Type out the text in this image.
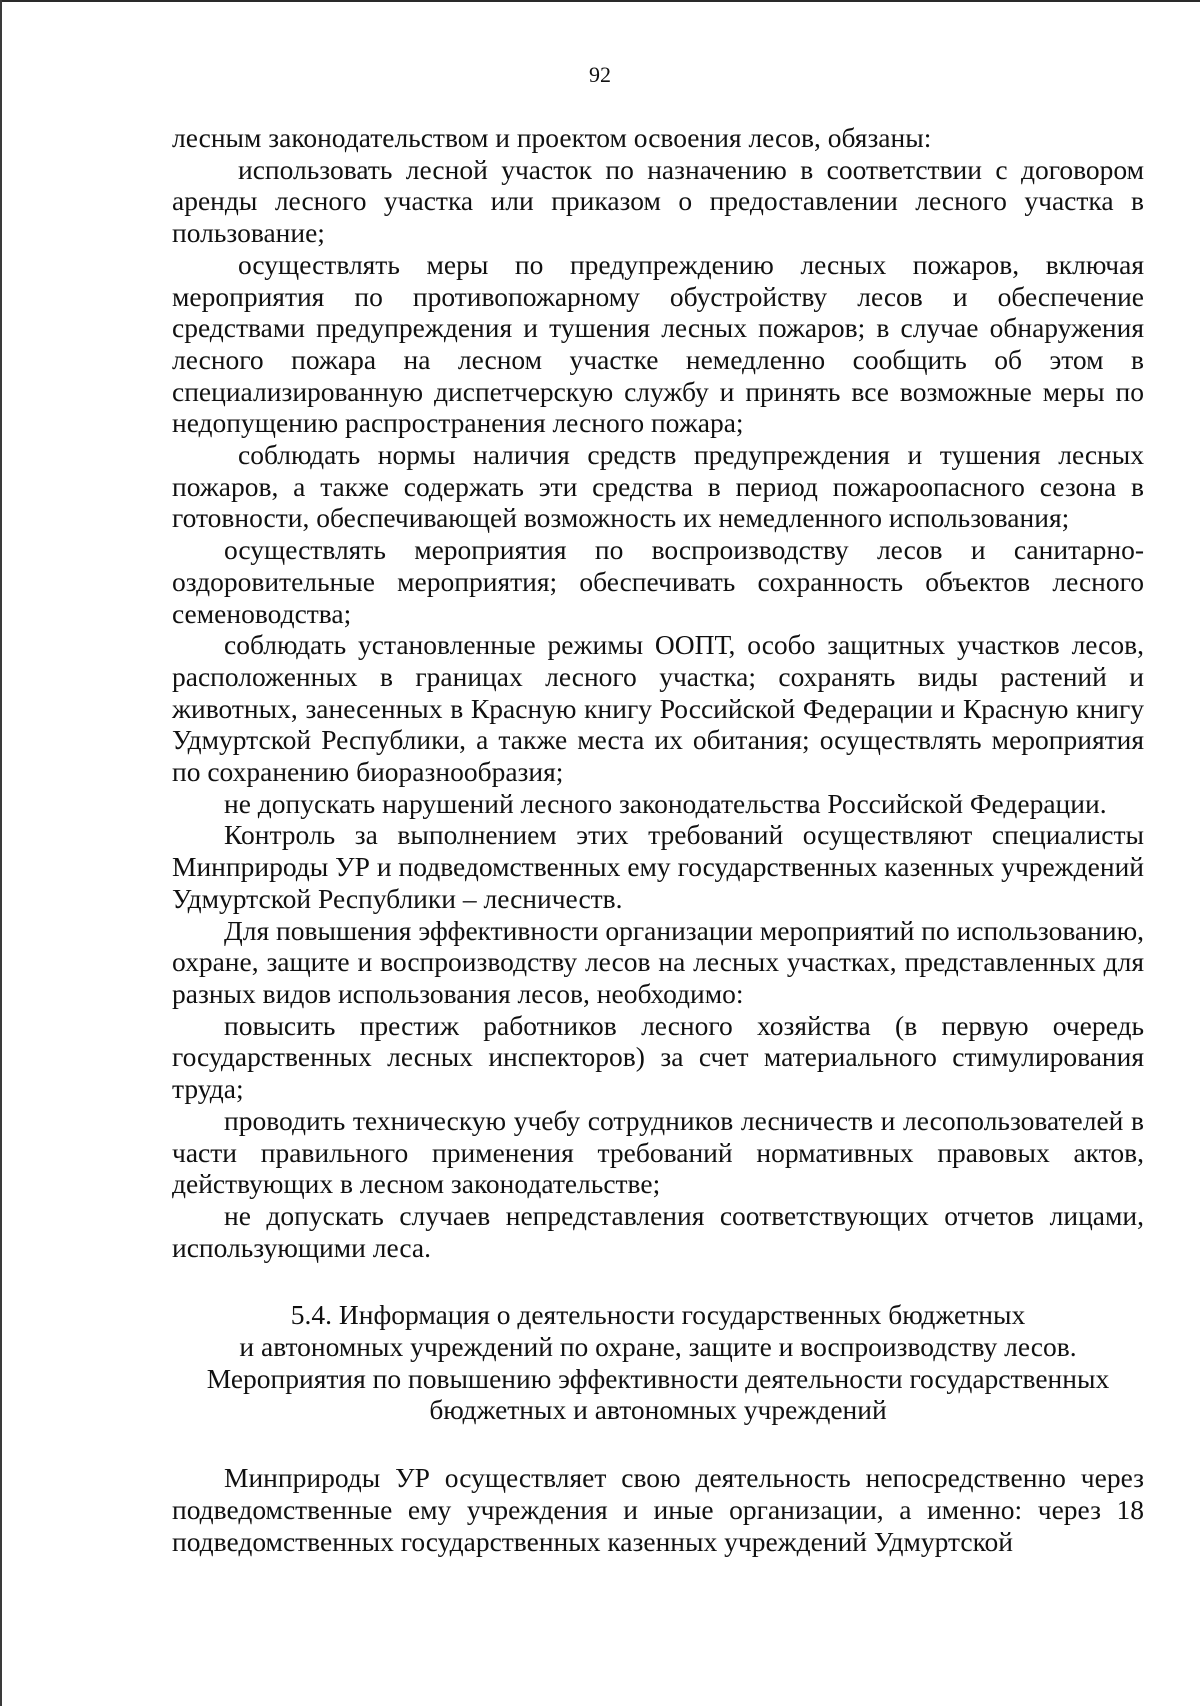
92

лесным законодательством и проектом освоения лесов, обязаны:

использовать лесной участок по назначению в соответствии с договором аренды лесного участка или приказом о предоставлении лесного участка в пользование;

осуществлять меры по предупреждению лесных пожаров, включая мероприятия по противопожарному обустройству лесов и обеспечение средствами предупреждения и тушения лесных пожаров; в случае обнаружения лесного пожара на лесном участке немедленно сообщить об этом в специализированную диспетчерскую службу и принять все возможные меры по недопущению распространения лесного пожара;

соблюдать нормы наличия средств предупреждения и тушения лесных пожаров, а также содержать эти средства в период пожароопасного сезона в готовности, обеспечивающей возможность их немедленного использования;

осуществлять мероприятия по воспроизводству лесов и санитарно-оздоровительные мероприятия; обеспечивать сохранность объектов лесного семеноводства;

соблюдать установленные режимы ООПТ, особо защитных участков лесов, расположенных в границах лесного участка; сохранять виды растений и животных, занесенных в Красную книгу Российской Федерации и Красную книгу Удмуртской Республики, а также места их обитания; осуществлять мероприятия по сохранению биоразнообразия;

не допускать нарушений лесного законодательства Российской Федерации.

Контроль за выполнением этих требований осуществляют специалисты Минприроды УР и подведомственных ему государственных казенных учреждений Удмуртской Республики – лесничеств.

Для повышения эффективности организации мероприятий по использованию, охране, защите и воспроизводству лесов на лесных участках, представленных для разных видов использования лесов, необходимо:

повысить престиж работников лесного хозяйства (в первую очередь государственных лесных инспекторов) за счет материального стимулирования труда;

проводить техническую учебу сотрудников лесничеств и лесопользователей в части правильного применения требований нормативных правовых актов, действующих в лесном законодательстве;

не допускать случаев непредставления соответствующих отчетов лицами, использующими леса.

5.4. Информация о деятельности государственных бюджетных
и автономных учреждений по охране, защите и воспроизводству лесов.
Мероприятия по повышению эффективности деятельности государственных
бюджетных и автономных учреждений

Минприроды УР осуществляет свою деятельность непосредственно через подведомственные ему учреждения и иные организации, а именно: через 18 подведомственных государственных казенных учреждений Удмуртской
